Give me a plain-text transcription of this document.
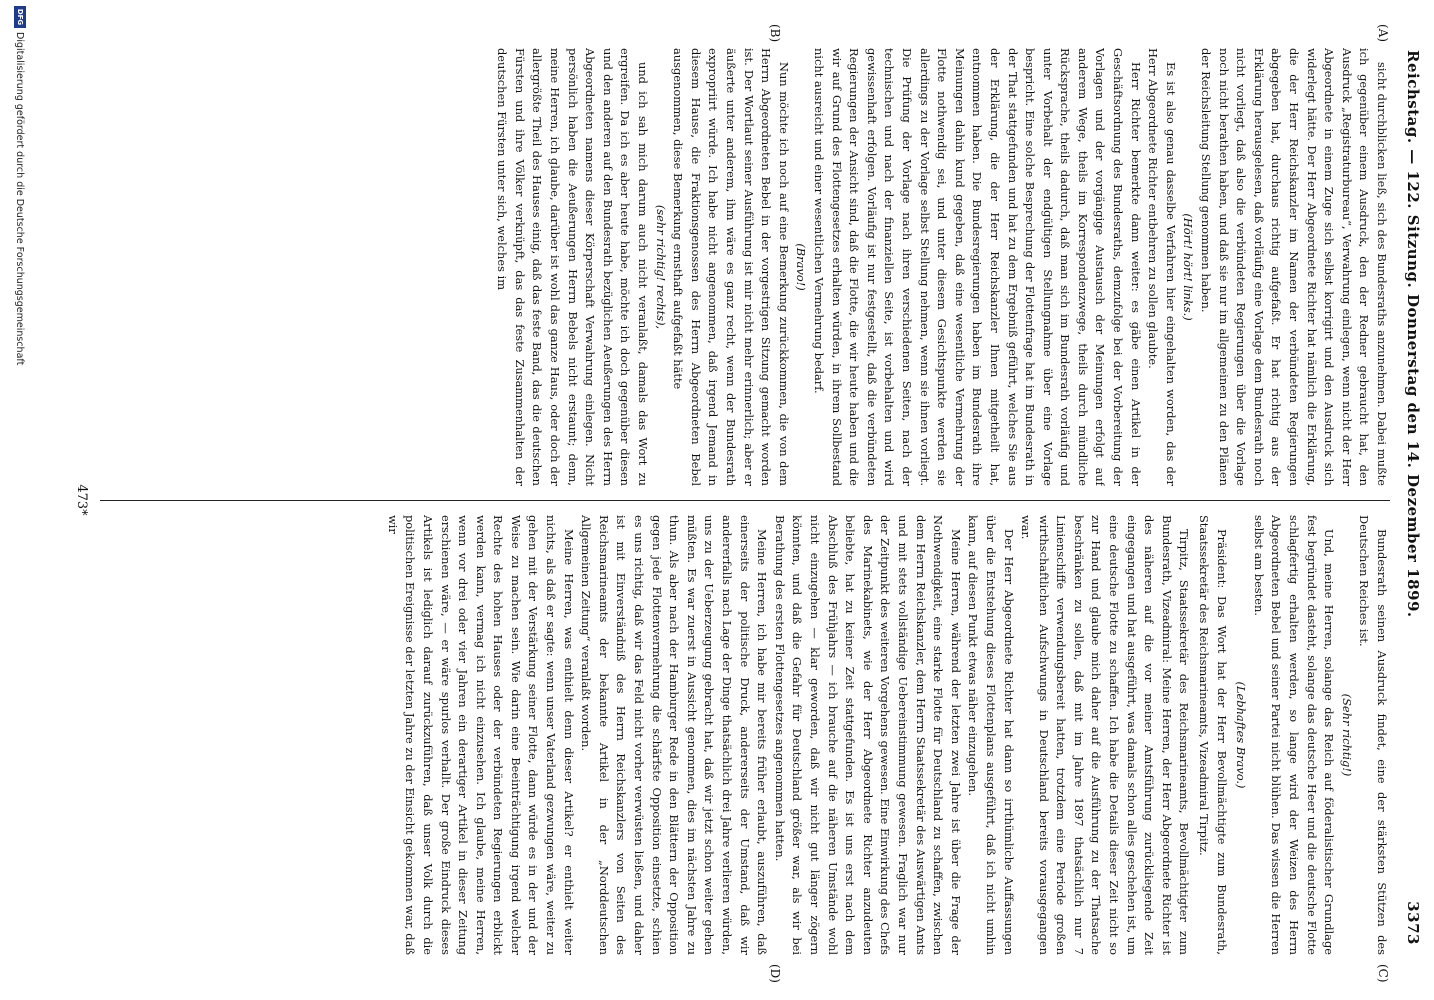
Reichstag. — 122. Sitzung. Donnerstag den 14. Dezember 1899.
3373
(A)
(B)
(C)
(D)

sicht durchblicken ließ, sich des Bundesraths anzunehmen. Dabei mußte ich gegenüber einem Ausdruck, den der Redner gebraucht hat, den Ausdruck „Registraturbureau“, Verwahrung einlegen, wenn nicht der Herr Abgeordnete in einem Zuge sich selbst korrigirt und den Ausdruck sich widerlegt hätte. Der Herr Abgeordnete Richter hat nämlich die Erklärung, die der Herr Reichskanzler im Namen der verbündeten Regierungen abgegeben hat, durchaus richtig aufgefaßt. Er hat richtig aus der Erklärung herausgelesen, daß vorläufig eine Vorlage dem Bundesrath noch nicht vorliegt, daß also die verbündeten Regierungen über die Vorlage noch nicht berathen haben, und daß sie nur im allgemeinen zu den Plänen der Reichsleitung Stellung genommen haben.

(Hört! hört! links.)

Es ist also genau dasselbe Verfahren hier eingehalten worden, das der Herr Abgeordnete Richter entbehren zu sollen glaubte.

Herr Richter bemerkte dann weiter: es gäbe einen Artikel in der Geschäftsordnung des Bundesraths, demzufolge bei der Vorbereitung der Vorlagen und der vorgängige Austausch der Meinungen erfolgt auf anderem Wege, theils im Korrespondenzwege, theils durch mündliche Rücksprache, theils dadurch, daß man sich im Bundesrath vorläufig und unter Vorbehalt der endgültigen Stellungnahme über eine Vorlage bespricht. Eine solche Besprechung der Flottenfrage hat im Bundesrath in der That stattgefunden und hat zu dem Ergebniß geführt, welches Sie aus der Erklärung, die der Herr Reichskanzler Ihnen mitgetheilt hat, entnommen haben. Die Bundesregierungen haben im Bundesrath ihre Meinungen dahin kund gegeben, daß eine wesentliche Vermehrung der Flotte nothwendig sei, und unter diesem Gesichtspunkte werden sie allerdings zu der Vorlage selbst Stellung nehmen, wenn sie ihnen vorliegt. Die Prüfung der Vorlage nach ihren verschiedenen Seiten, nach der technischen und nach der finanziellen Seite, ist vorbehalten und wird gewissenhaft erfolgen. Vorläufig ist nur festgestellt, daß die verbündeten Regierungen der Ansicht sind, daß die Flotte, die wir heute haben und die wir auf Grund des Flottengesetzes erhalten würden, in ihrem Sollbestand nicht ausreicht und einer wesentlichen Vermehrung bedarf.

(Bravo!)

Nun möchte ich noch auf eine Bemerkung zurückkommen, die von dem Herrn Abgeordneten Bebel in der vorgestrigen Sitzung gemacht worden ist. Der Wortlaut seiner Ausführung ist mir nicht mehr erinnerlich; aber er äußerte unter anderem, ihm wäre es ganz recht, wenn der Bundesrath expropriirt würde. Ich habe nicht angenommen, daß irgend Jemand in diesem Hause, die Fraktionsgenossen des Herrn Abgeordneten Bebel ausgenommen, diese Bemerkung ernsthaft aufgefaßt hätte

(sehr richtig! rechts),

und ich sah mich darum auch nicht veranlaßt, damals das Wort zu ergreifen. Da ich es aber heute habe, möchte ich doch gegenüber diesen und den anderen auf den Bundesrath bezüglichen Aeußerungen des Herrn Abgeordneten namens dieser Körperschaft Verwahrung einlegen. Nicht persönlich haben die Aeußerungen Herrn Bebels nicht erstaunt; denn, meine Herren, ich glaube, darüber ist wohl das ganze Haus, oder doch der allergrößte Theil des Hauses einig, daß das feste Band, das die deutschen Fürsten und ihre Völker verknüpft, das das feste Zusammenhalten der deutschen Fürsten unter sich, welches im

Bundesrath seinen Ausdruck findet, eine der stärksten Stützen des Deutschen Reiches ist.

(Sehr richtig!)

Und, meine Herren, solange das Reich auf föderalistischer Grundlage fest begründet dasteht, solange das deutsche Heer und die deutsche Flotte schlagfertig erhalten werden, so lange wird der Weizen des Herrn Abgeordneten Bebel und seiner Partei nicht blühen. Das wissen die Herren selbst am besten.

(Lebhaftes Bravo.)

Präsident: Das Wort hat der Herr Bevollmächtigte zum Bundesrath, Staatssekretär des Reichsmarineamts, Vizeadmiral Tirpitz.

Tirpitz, Staatssekretär des Reichsmarineamts, Bevollmächtigter zum Bundesrath, Vizeadmiral: Meine Herren, der Herr Abgeordnete Richter ist des näheren auf die vor meiner Amtsführung zurückliegende Zeit eingegangen und hat ausgeführt, was damals schon alles geschehen ist, um eine deutsche Flotte zu schaffen. Ich habe die Details dieser Zeit nicht so zur Hand und glaube mich daher auf die Ausführung zu der Thatsache beschränken zu sollen, daß mit im Jahre 1897 thatsächlich nur 7 Linienschiffe verwendungsbereit hatten, trotzdem eine Periode großen wirthschaftlichen Aufschwungs in Deutschland bereits vorausgegangen war.

Der Herr Abgeordnete Richter hat dann so irrthümliche Auffassungen über die Entstehung dieses Flottenplans ausgeführt, daß ich nicht umhin kann, auf diesen Punkt etwas näher einzugehen.

Meine Herren, während der letzten zwei Jahre ist über die Frage der Nothwendigkeit, eine starke Flotte für Deutschland zu schaffen, zwischen dem Herrn Reichskanzler, dem Herrn Staatssekretär des Auswärtigen Amts und mit stets vollständige Uebereinstimmung gewesen. Fraglich war nur der Zeitpunkt des weiteren Vorgehens gewesen. Eine Einwirkung des Chefs des Marinekabinets, wie der Herr Abgeordnete Richter anzudeuten beliebte, hat zu keiner Zeit stattgefunden. Es ist uns erst nach dem Abschluß des Frühjahrs — ich brauche auf die näheren Umstände wohl nicht einzugehen — klar geworden, daß wir nicht gut länger zögern könnten, und daß die Gefahr für Deutschland größer war, als wir bei Berathung des ersten Flottengesetzes angenommen hatten.

Meine Herren, ich habe mir bereits früher erlaubt, auszuführen, daß einerseits der politische Druck, andererseits der Umstand, daß wir andererfalls nach Lage der Dinge thatsächlich drei Jahre verlieren würden, uns zu der Ueberzeugung gebracht hat, daß wir jetzt schon weiter gehen müßten. Es war zuerst in Aussicht genommen, dies im nächsten Jahre zu thun. Als aber nach der Hamburger Rede in den Blättern der Opposition gegen jede Flottenvermehrung die schärfste Opposition einsetzte, schien es uns richtig, daß wir das Feld nicht vorher verwüsten ließen, und daher ist mit Einverständniß des Herrn Reichskanzlers von Seiten des Reichsmarineamts der bekannte Artikel in der „Norddeutschen Allgemeinen Zeitung“ veranlaßt worden.

Meine Herren, was enthielt denn dieser Artikel? er enthielt weiter nichts, als daß er sagte: wenn unser Vaterland gezwungen wäre, weiter zu gehen mit der Verstärkung seiner Flotte, dann würde es in der und der Weise zu machen sein. Wie darin eine Beeinträchtigung irgend welcher Rechte des hohen Hauses oder der verbündeten Regierungen erblickt werden kann, vermag ich nicht einzusehen. Ich glaube, meine Herren, wenn vor drei oder vier Jahren ein derartiger Artikel in dieser Zeitung erschienen wäre, — er wäre spurlos verhallt. Der große Eindruck dieses Artikels ist lediglich darauf zurückzuführen, daß unser Volk durch die politischen Ereignisse der letzten Jahre zu der Einsicht gekommen war, daß wir

473*
DFG
Digitalisierung gefördert durch die Deutsche Forschungsgemeinschaft
